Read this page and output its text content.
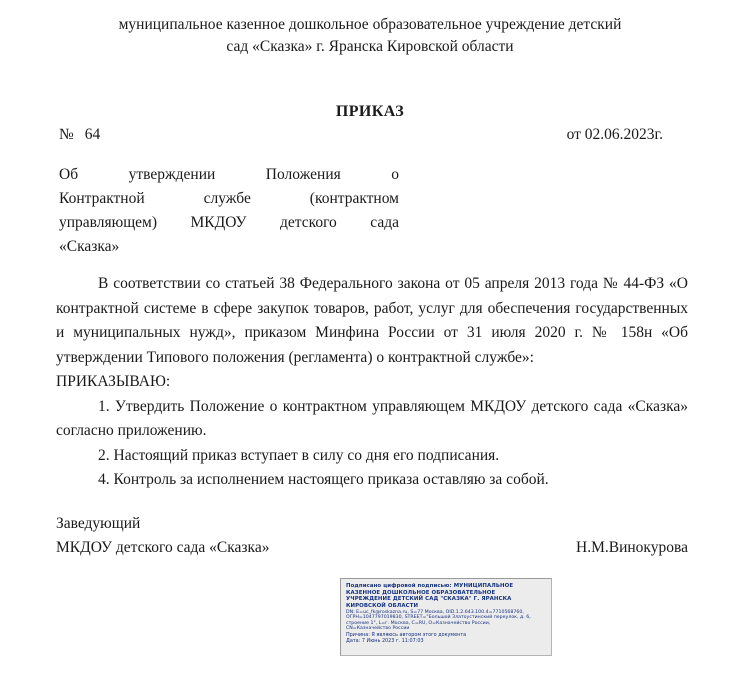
муниципальное казенное дошкольное образовательное учреждение детский
сад «Сказка» г. Яранска Кировской области
ПРИКАЗ
№ 64	от 02.06.2023г.
Об утверждении Положения о
Контрактной службе (контрактном
управляющем) МКДОУ детского сада
«Сказка»

В соответствии со статьей 38 Федерального закона от 05 апреля 2013 года № 44-ФЗ «О контрактной системе в сфере закупок товаров, работ, услуг для обеспечения государственных и муниципальных нужд», приказом Минфина России от 31 июля 2020 г. № 158н «Об утверждении Типового положения (регламента) о контрактной службе»:

ПРИКАЗЫВАЮ:

1. Утвердить Положение о контрактном управляющем МКДОУ детского сада «Сказка» согласно приложению.

2. Настоящий приказ вступает в силу со дня его подписания.

4. Контроль за исполнением настоящего приказа оставляю за собой.

Заведующий
МКДОУ детского сада «Сказка»	Н.М.Винокурова
Подписано цифровой подписью: МУНИЦИПАЛЬНОЕ
КАЗЕННОЕ ДОШКОЛЬНОЕ ОБРАЗОВАТЕЛЬНОЕ
УЧРЕЖДЕНИЕ ДЕТСКИЙ САД "СКАЗКА" Г. ЯРАНСКА
КИРОВСКОЙ ОБЛАСТИ
DN: E=uc_fk@roskazna.ru, S=77 Москва, OID.1.2.643.100.4=7710568760,
ОГРН=1047797019830, STREET="Большой Златоустинский переулок, д. 6,
строение 1", L=г. Москва, C=RU, O=Казначейство России,
CN=Казначейство России
Причина: Я являюсь автором этого документа
Дата: 7 Июнь 2023 г. 11:07:03
